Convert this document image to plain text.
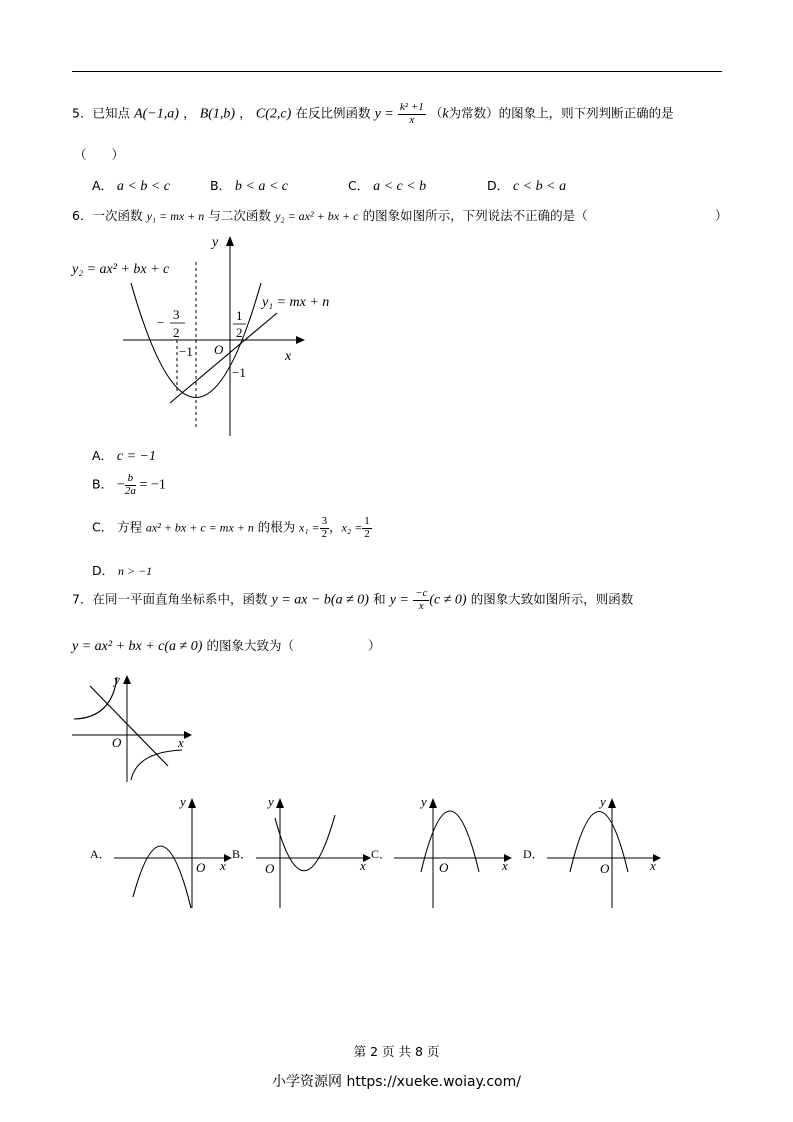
5．已知点 A(−1,a) ， B(1,b) ， C(2,c) 在反比例函数 $y = \frac{\text{k² +1}}{x} (k$为常数）的图象上，则下列判断正确的是
（　　）
A． a < b < c	B． b < a < c	C． a < c < b	D． c < b < a
6．一次函数 y₁ = mx + n 与二次函数 y₂ = ax² + bx + c 的图象如图所示，下列说法不正确的是（	）
y₂ = ax² + bx + c
y₁ = mx + n
y
x
O
−
3
2
1
2
−1
−1
A． c = −1
B． − $\frac{b}{2a} = -1$
C． 方程 ax² + bx + c = mx + n 的根为 $x_1 = \frac{3}{2}$ ，$x_2 = \frac{1}{2}$
D． n > −1
7．在同一平面直角坐标系中，函数 y = ax − b(a ≠ 0) 和 $y = \frac{-c}{x} (c \ne 0)$ 的图象大致如图所示，则函数
y = ax² + bx + c(a ≠ 0) 的图象大致为（	）
y
x
O
A．
y
x
O
B．
y
x
O
C．
y
x
O
D．
y
x
O
第 2 页 共 8 页
小学资源网 https://xueke.woiay.com/
